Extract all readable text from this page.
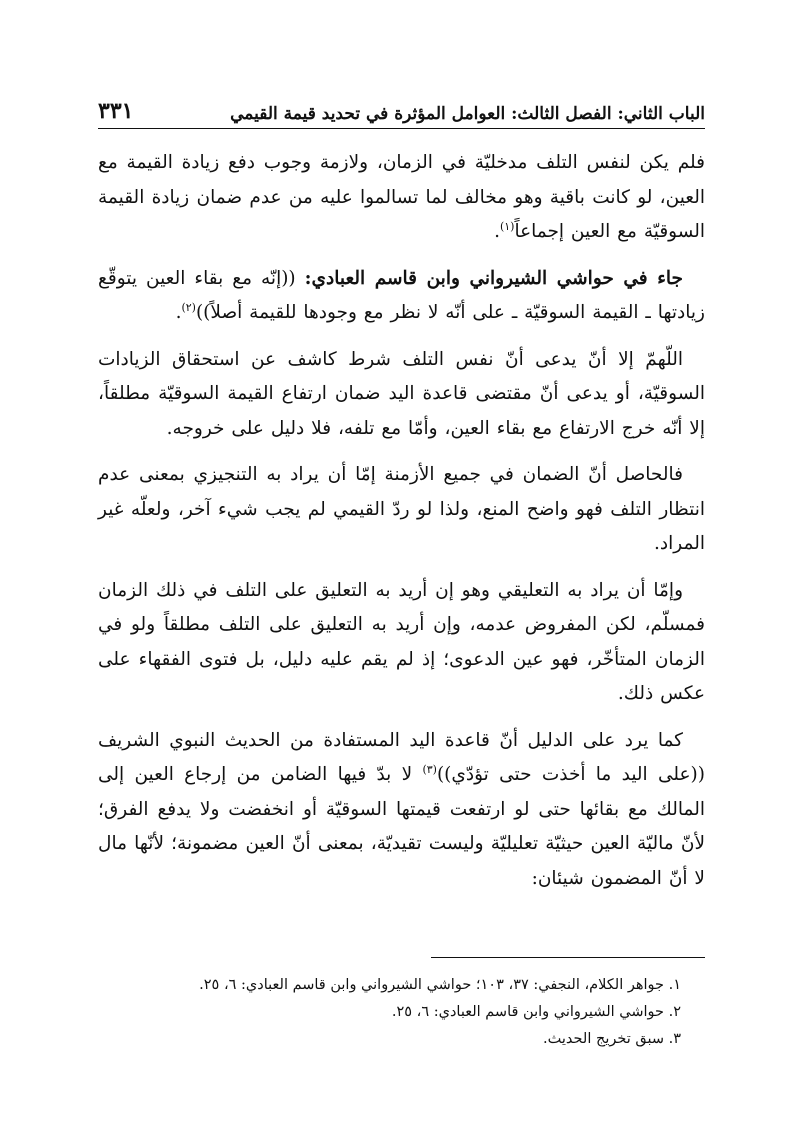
الباب الثاني: الفصل الثالث: العوامل المؤثرة في تحديد قيمة القيمي
٣٣١

فلم يكن لنفس التلف مدخليّة في الزمان، ولازمة وجوب دفع زيادة القيمة مع العين، لو كانت باقية وهو مخالف لما تسالموا عليه من عدم ضمان زيادة القيمة السوقيّة مع العين إجماعاً$^{(١)}$.

جاء في حواشي الشيرواني وابن قاسم العبادي: ((إنّه مع بقاء العين يتوقّع زيادتها ـ القيمة السوقيّة ـ على أنّه لا نظر مع وجودها للقيمة أصلاً))$^{(٢)}$.

اللّهمّ إلا أنّ يدعى أنّ نفس التلف شرط كاشف عن استحقاق الزيادات السوقيّة، أو يدعى أنّ مقتضى قاعدة اليد ضمان ارتفاع القيمة السوقيّة مطلقاً، إلا أنّه خرج الارتفاع مع بقاء العين، وأمّا مع تلفه، فلا دليل على خروجه.

فالحاصل أنّ الضمان في جميع الأزمنة إمّا أن يراد به التنجيزي بمعنى عدم انتظار التلف فهو واضح المنع، ولذا لو ردّ القيمي لم يجب شيء آخر، ولعلّه غير المراد.

وإمّا أن يراد به التعليقي وهو إن أريد به التعليق على التلف في ذلك الزمان فمسلّم، لكن المفروض عدمه، وإن أريد به التعليق على التلف مطلقاً ولو في الزمان المتأخّر، فهو عين الدعوى؛ إذ لم يقم عليه دليل، بل فتوى الفقهاء على عكس ذلك.

كما يرد على الدليل أنّ قاعدة اليد المستفادة من الحديث النبوي الشريف ((على اليد ما أخذت حتى تؤدّي))$^{(٣)}$ لا بدّ فيها الضامن من إرجاع العين إلى المالك مع بقائها حتى لو ارتفعت قيمتها السوقيّة أو انخفضت ولا يدفع الفرق؛ لأنّ ماليّة العين حيثيّة تعليليّة وليست تقيديّة، بمعنى أنّ العين مضمونة؛ لأنّها مال لا أنّ المضمون شيئان:

١. جواهر الكلام، النجفي: ٣٧، ١٠٣؛ حواشي الشيرواني وابن قاسم العبادي: ٦، ٢٥.

٢. حواشي الشيرواني وابن قاسم العبادي: ٦، ٢٥.

٣. سبق تخريج الحديث.
